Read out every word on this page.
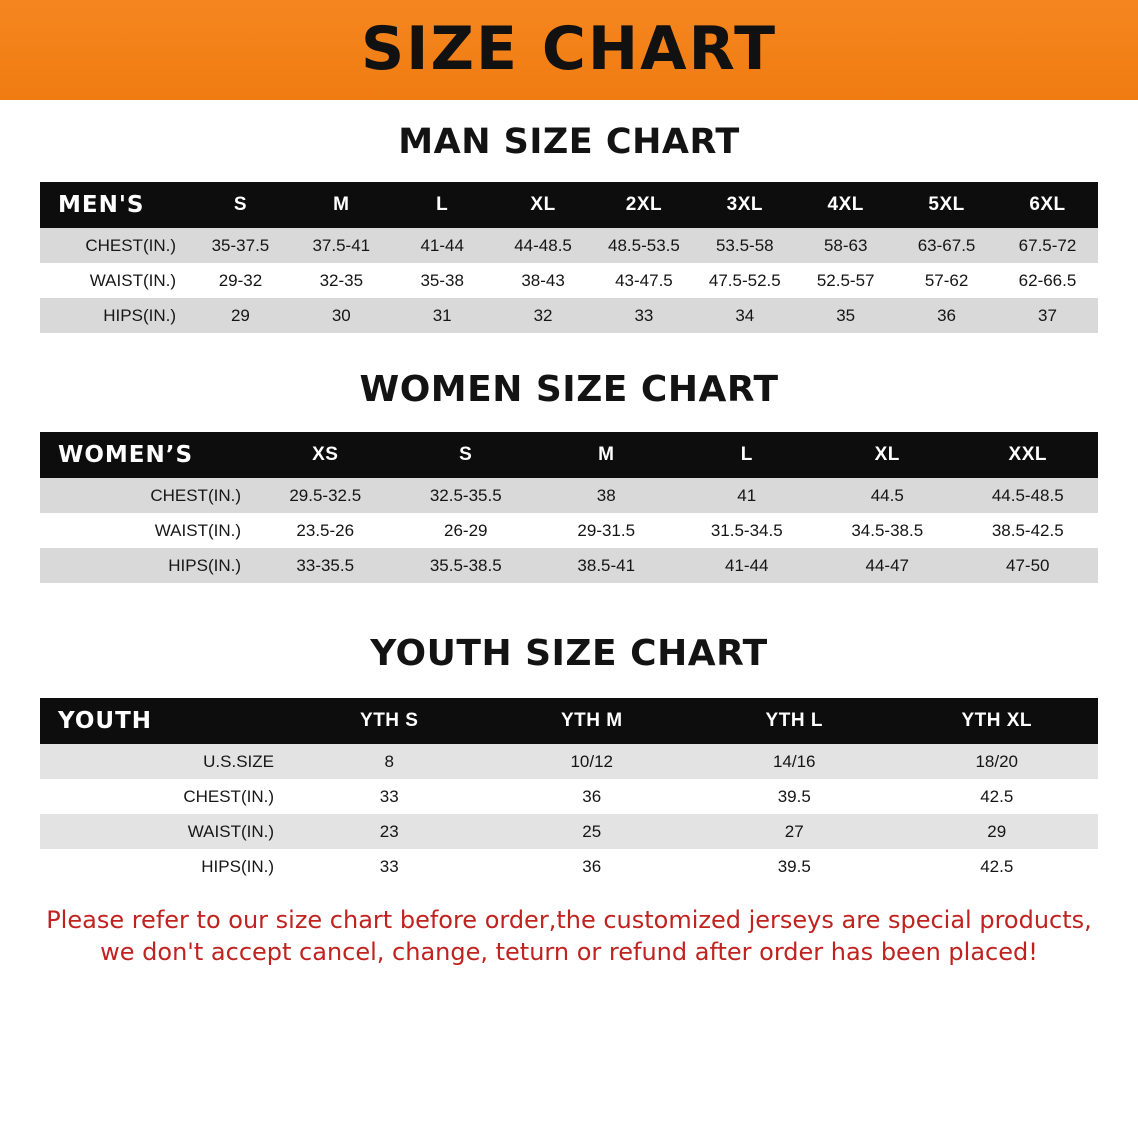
SIZE CHART
MAN SIZE CHART
MEN'S	S	M	L	XL	2XL	3XL	4XL	5XL	6XL
CHEST(IN.)	35-37.5	37.5-41	41-44	44-48.5	48.5-53.5	53.5-58	58-63	63-67.5	67.5-72
WAIST(IN.)	29-32	32-35	35-38	38-43	43-47.5	47.5-52.5	52.5-57	57-62	62-66.5
HIPS(IN.)	29	30	31	32	33	34	35	36	37
WOMEN SIZE CHART
WOMEN’S	XS	S	M	L	XL	XXL
CHEST(IN.)	29.5-32.5	32.5-35.5	38	41	44.5	44.5-48.5
WAIST(IN.)	23.5-26	26-29	29-31.5	31.5-34.5	34.5-38.5	38.5-42.5
HIPS(IN.)	33-35.5	35.5-38.5	38.5-41	41-44	44-47	47-50
YOUTH SIZE CHART
YOUTH	YTH S	YTH M	YTH L	YTH XL
U.S.SIZE	8	10/12	14/16	18/20
CHEST(IN.)	33	36	39.5	42.5
WAIST(IN.)	23	25	27	29
HIPS(IN.)	33	36	39.5	42.5
Please refer to our size chart before order,the customized jerseys are special products,
we don't accept cancel, change, teturn or refund after order has been placed!
